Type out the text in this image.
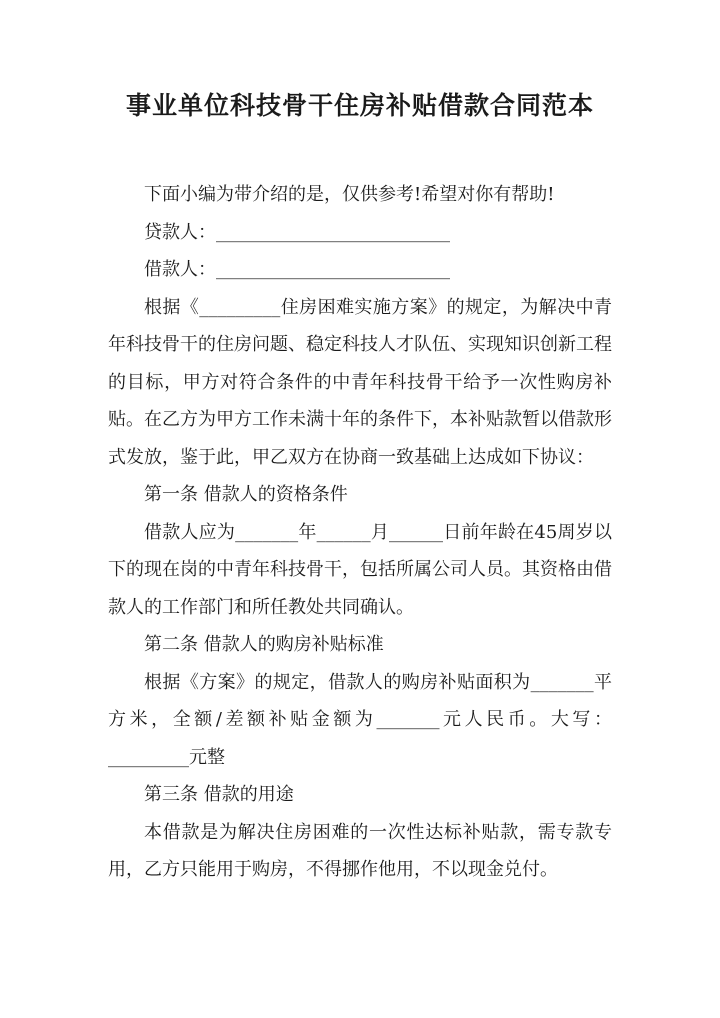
事业单位科技骨干住房补贴借款合同范本

下面小编为带介绍的是，仅供参考!希望对你有帮助!

贷款人：__________________________

借款人：__________________________

根据《_________住房困难实施方案》的规定，为解决中青年科技骨干的住房问题、稳定科技人才队伍、实现知识创新工程的目标，甲方对符合条件的中青年科技骨干给予一次性购房补贴。在乙方为甲方工作未满十年的条件下，本补贴款暂以借款形式发放，鉴于此，甲乙双方在协商一致基础上达成如下协议：

第一条 借款人的资格条件

借款人应为_______年______月______日前年龄在45周岁以下的现在岗的中青年科技骨干，包括所属公司人员。其资格由借款人的工作部门和所任教处共同确认。

第二条 借款人的购房补贴标准

根据《方案》的规定，借款人的购房补贴面积为_______平方米，全额/差额补贴金额为_______元人民币。大写：_________元整

第三条 借款的用途

本借款是为解决住房困难的一次性达标补贴款，需专款专用，乙方只能用于购房，不得挪作他用，不以现金兑付。
